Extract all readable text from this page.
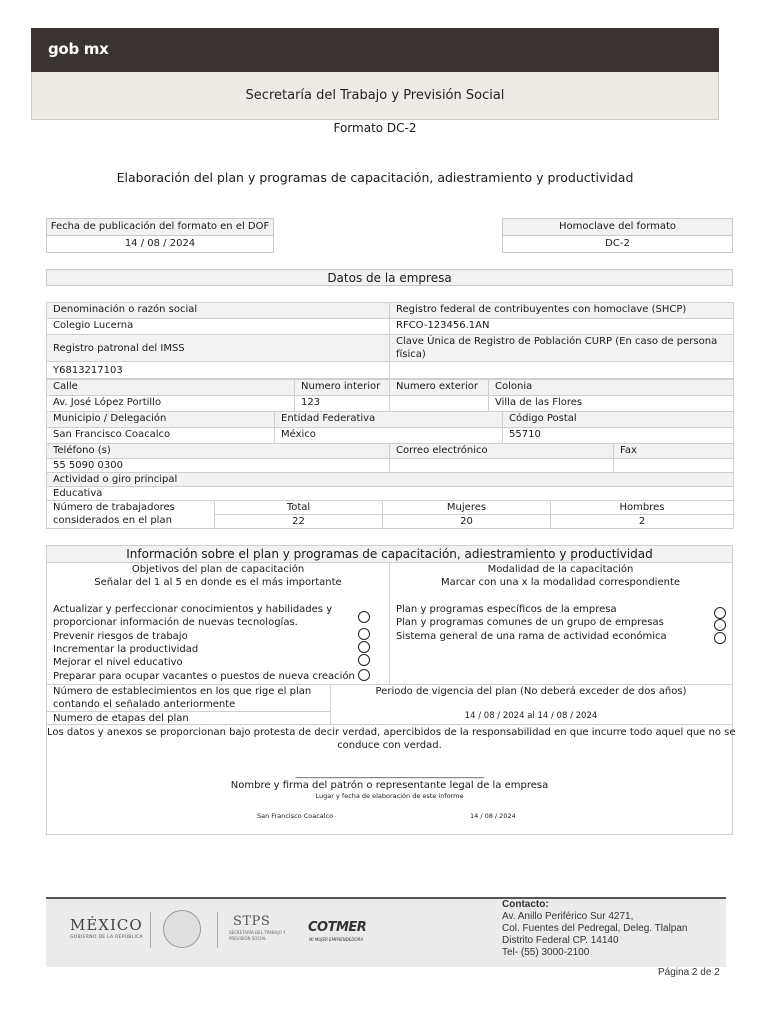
gob mx
Secretaría del Trabajo y Previsión Social
Formato DC-2
Elaboración del plan y programas de capacitación, adiestramiento y productividad
Fecha de publicación del formato en el DOF
14 / 08 / 2024
Homoclave del formato
DC-2
Datos de la empresa
Denominación o razón social	Registro federal de contribuyentes con homoclave (SHCP)
Colegio Lucerna	RFCO-123456.1AN
Registro patronal del IMSS	Clave Única de Registro de Población CURP (En caso de persona física)
Y6813217103	
Calle	Numero interior	Numero exterior	Colonia
Av. José López Portillo	123		Villa de las Flores
Municipio / Delegación	Entidad Federativa	Código Postal
San Francisco Coacalco	México	55710
Teléfono (s)	Correo electrónico	Fax
55 5090 0300		
Actividad o giro principal			
Educativa			

Número de trabajadores
considerados en el plan	Total	Mujeres	Hombres
	22	20	2
Información sobre el plan y programas de capacitación, adiestramiento y productividad
Objetivos del plan de capacitación
Señalar del 1 al 5 en donde es el más importante
Actualizar y perfeccionar conocimientos y habilidades y
proporcionar información de nuevas tecnologías.
Prevenir riesgos de trabajo
Incrementar la productividad
Mejorar el nivel educativo
Preparar para ocupar vacantes o puestos de nueva creación
Modalidad de la capacitación
Marcar con una x la modalidad correspondiente
Plan y programas específicos de la empresa
Plan y programas comunes de un grupo de empresas
Sistema general de una rama de actividad económica
Número de establecimientos en los que rige el plan
contando el señalado anteriormente
Numero de etapas del plan
Periodo de vigencia del plan (No deberá exceder de dos años)
14 / 08 / 2024 al 14 / 08 / 2024
Los datos y anexos se proporcionan bajo protesta de decir verdad, apercibidos de la responsabilidad en que incurre todo aquel que no se
conduce con verdad.
_______________________________________________
Nombre y firma del patrón o representante legal de la empresa
Lugar y fecha de elaboración de este informe
San Francisco Coacalco	14 / 08 / 2024
MÉXICO
GOBIERNO DE LA REPÚBLICA
STPS
SECRETARÍA DEL TRABAJO Y PREVISIÓN SOCIAL
COTMER
MI MUJER EMPRENDEDORA
Contacto:
Av. Anillo Periférico Sur 4271,
Col. Fuentes del Pedregal, Deleg. Tlalpan
Distrito Federal CP. 14140
Tel- (55) 3000-2100
Página 2 de 2
